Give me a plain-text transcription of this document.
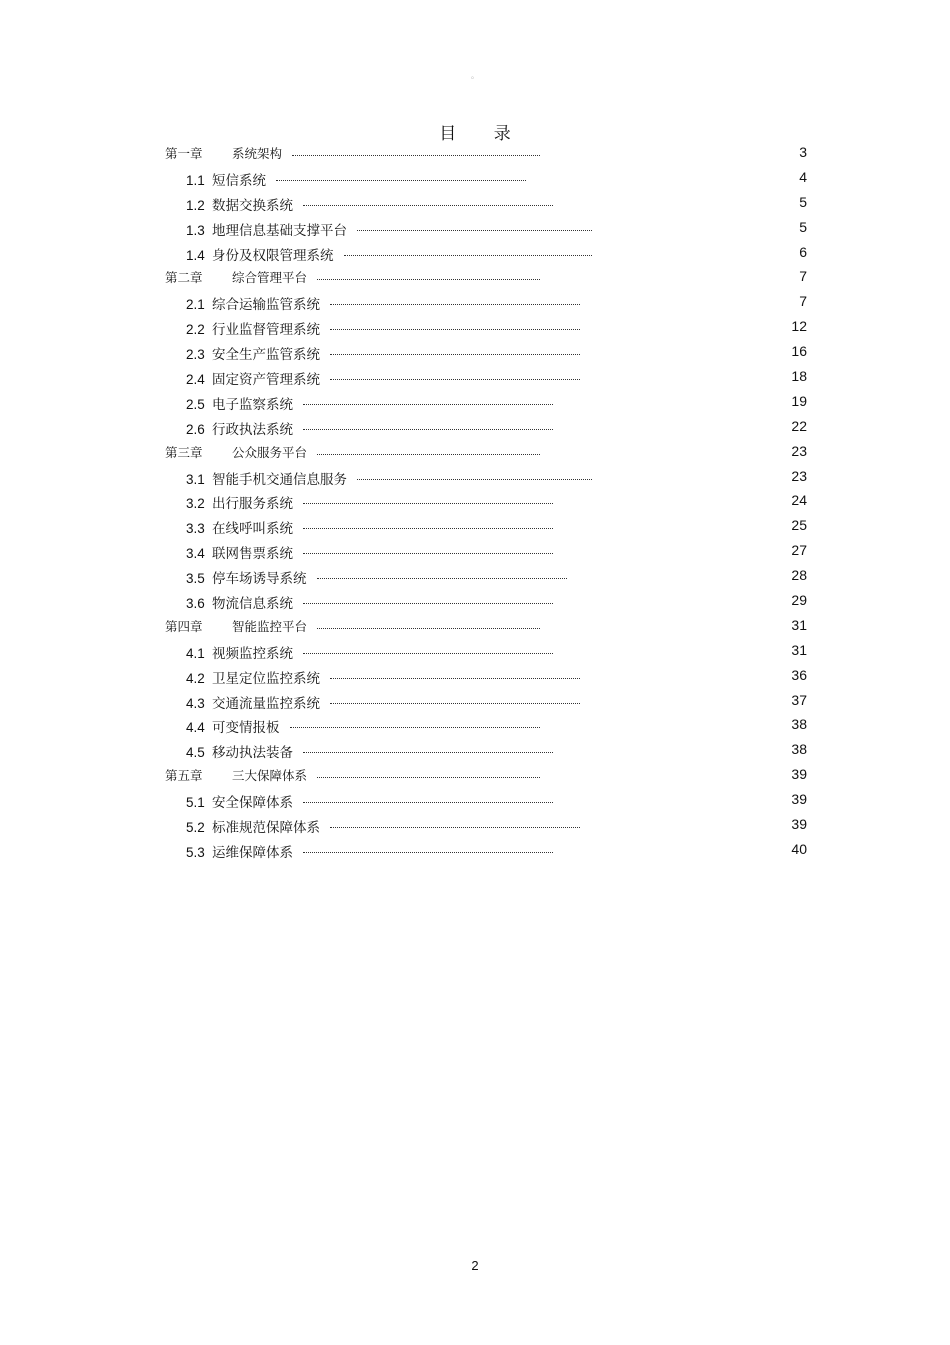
。
目 录
第一章 系统架构	3
1.1 短信系统	4
1.2 数据交换系统	5
1.3 地理信息基础支撑平台	5
1.4 身份及权限管理系统	6
第二章 综合管理平台	7
2.1 综合运输监管系统	7
2.2 行业监督管理系统	12
2.3 安全生产监管系统	16
2.4 固定资产管理系统	18
2.5 电子监察系统	19
2.6 行政执法系统	22
第三章 公众服务平台	23
3.1 智能手机交通信息服务	23
3.2 出行服务系统	24
3.3 在线呼叫系统	25
3.4 联网售票系统	27
3.5 停车场诱导系统	28
3.6 物流信息系统	29
第四章 智能监控平台	31
4.1 视频监控系统	31
4.2 卫星定位监控系统	36
4.3 交通流量监控系统	37
4.4 可变情报板	38
4.5 移动执法装备	38
第五章 三大保障体系	39
5.1 安全保障体系	39
5.2 标准规范保障体系	39
5.3 运维保障体系	40
2
